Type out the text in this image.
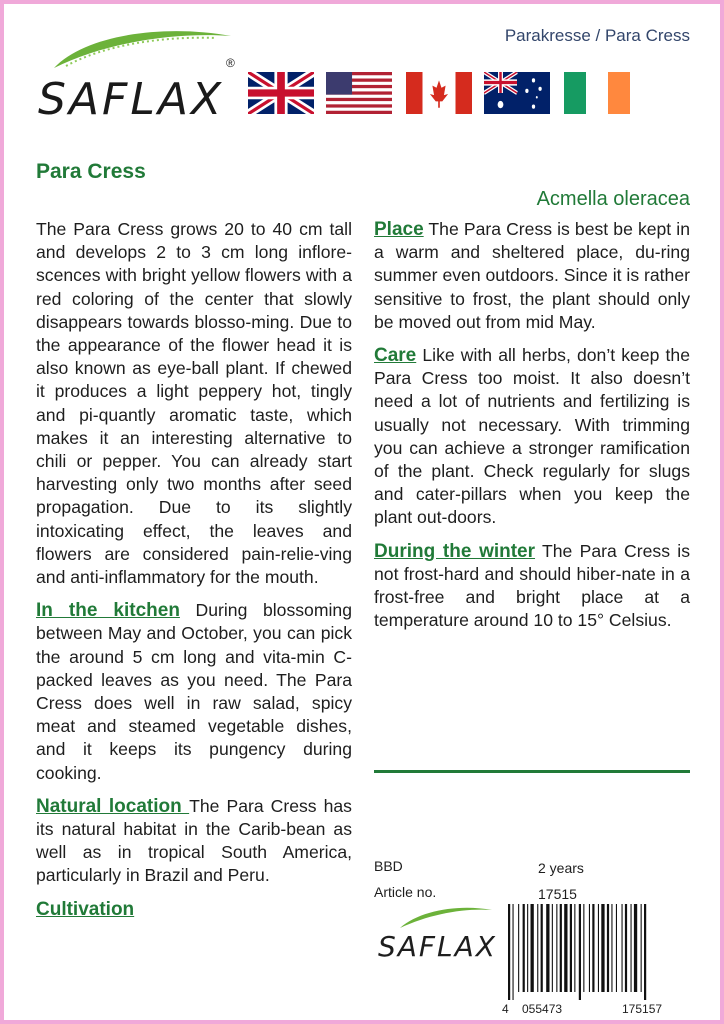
SAFLAX
®
Parakresse / Para Cress
Para Cress
Acmella oleracea

The Para Cress grows 20 to 40 cm tall and develops 2 to 3 cm long inflore-scences with bright yellow flowers with a red coloring of the center that slowly disappears towards blosso-ming. Due to the appearance of the flower head it is also known as eye-ball plant. If chewed it produces a light peppery hot, tingly and pi-quantly aromatic taste, which makes it an interesting alternative to chili or pepper. You can already start harvesting only two months after seed propagation. Due to its slightly intoxicating effect, the leaves and flowers are considered pain-relie-ving and anti-inflammatory for the mouth.

In the kitchen During blossoming between May and October, you can pick the around 5 cm long and vita-min C-packed leaves as you need. The Para Cress does well in raw salad, spicy meat and steamed vegetable dishes, and it keeps its pungency during cooking.

Natural location The Para Cress has its natural habitat in the Carib-bean as well as in tropical South America, particularly in Brazil and Peru.

Cultivation

Place The Para Cress is best be kept in a warm and sheltered place, du-ring summer even outdoors. Since it is rather sensitive to frost, the plant should only be moved out from mid May.

Care Like with all herbs, don’t keep the Para Cress too moist. It also doesn’t need a lot of nutrients and fertilizing is usually not necessary. With trimming you can achieve a stronger ramification of the plant. Check regularly for slugs and cater-pillars when you keep the plant out-doors.

During the winter The Para Cress is not frost-hard and should hiber-nate in a frost-free and bright place at a temperature around 10 to 15° Celsius.

BBD	2 years
Article no.	17515
SAFLAX
4 055473	175157
